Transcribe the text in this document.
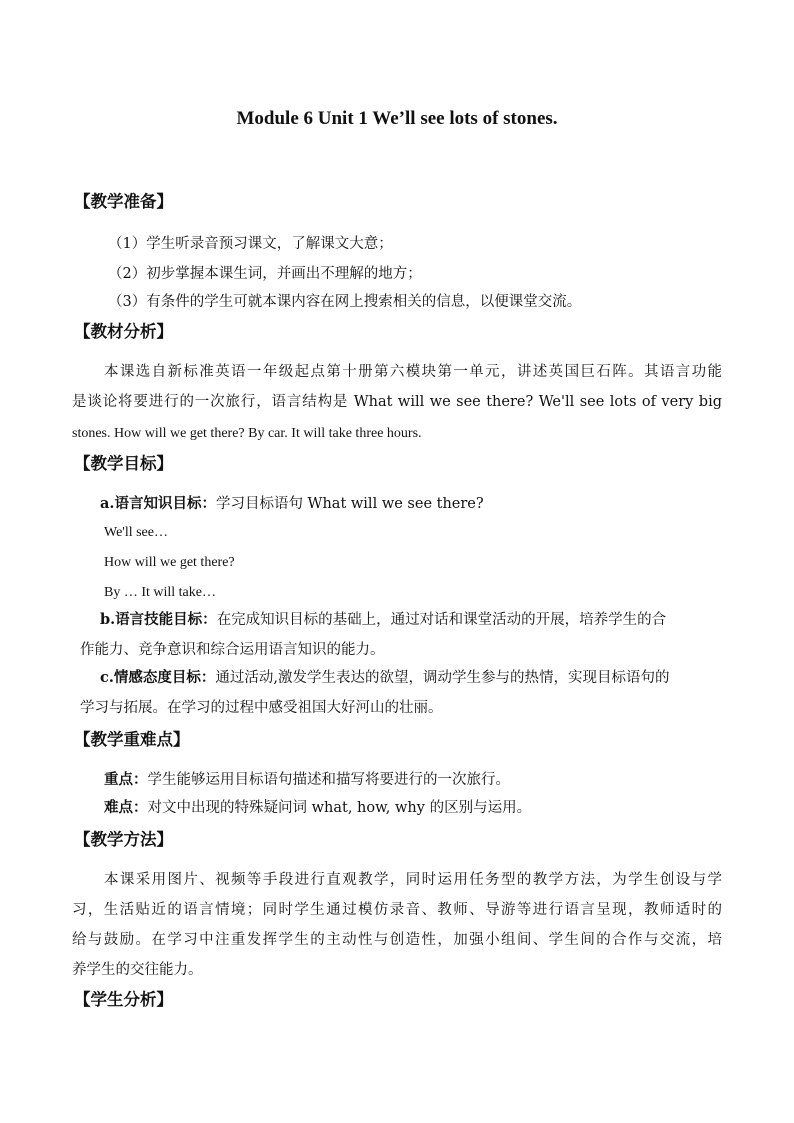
Module 6 Unit 1 We’ll see lots of stones.
【教学准备】
（1）学生听录音预习课文，了解课文大意；
（2）初步掌握本课生词，并画出不理解的地方；
（3）有条件的学生可就本课内容在网上搜索相关的信息，以便课堂交流。
【教材分析】
本课选自新标准英语一年级起点第十册第六模块第一单元，讲述英国巨石阵。其语言功能
是谈论将要进行的一次旅行，语言结构是 What will we see there? We'll see lots of very big
stones. How will we get there? By car. It will take three hours.
【教学目标】
a.语言知识目标：学习目标语句 What will we see there?
We'll see…
How will we get there?
By … It will take…
b.语言技能目标：在完成知识目标的基础上，通过对话和课堂活动的开展，培养学生的合
作能力、竞争意识和综合运用语言知识的能力。
c.情感态度目标：通过活动,激发学生表达的欲望，调动学生参与的热情，实现目标语句的
学习与拓展。在学习的过程中感受祖国大好河山的壮丽。
【教学重难点】
重点：学生能够运用目标语句描述和描写将要进行的一次旅行。
难点：对文中出现的特殊疑问词 what, how, why 的区别与运用。
【教学方法】
本课采用图片、视频等手段进行直观教学，同时运用任务型的教学方法，为学生创设与学
习，生活贴近的语言情境；同时学生通过模仿录音、教师、导游等进行语言呈现，教师适时的
给与鼓励。在学习中注重发挥学生的主动性与创造性，加强小组间、学生间的合作与交流，培
养学生的交往能力。
【学生分析】
